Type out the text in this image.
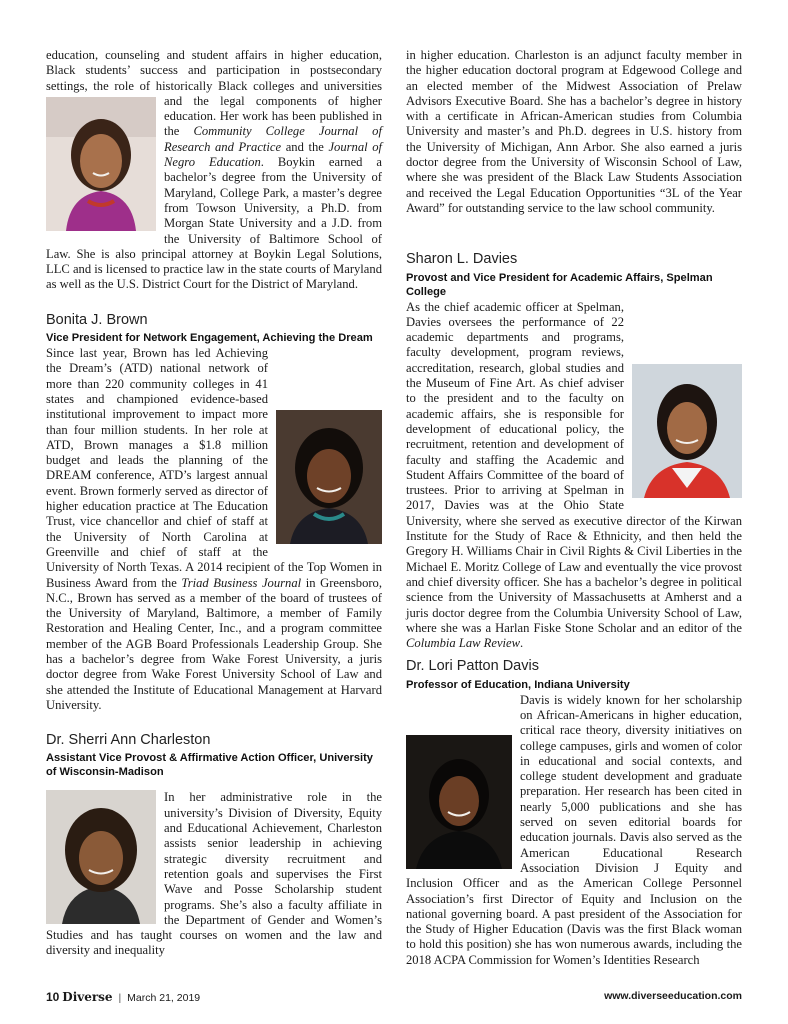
education, counseling and student affairs in higher education, Black students’ success and participation in postsecondary settings, the role of historically Black colleges and universities and the legal components of higher education. Her work has been published in the Community College Journal of Research and Practice and the Journal of Negro Education. Boykin earned a bachelor’s degree from the University of Maryland, College Park, a master’s degree from Towson University, a Ph.D. from Morgan State University and a J.D. from the University of Baltimore School of Law. She is also principal attorney at Boykin Legal Solutions, LLC and is licensed to practice law in the state courts of Maryland as well as the U.S. District Court for the District of Maryland.

Bonita J. Brown
Vice President for Network Engagement, Achieving the Dream

Since last year, Brown has led Achieving the Dream’s (ATD) national network of more than 220 community colleges in 41 states and championed evidence-based institutional improvement to impact more than four million students. In her role at ATD, Brown manages a $1.8 million budget and leads the planning of the DREAM conference, ATD’s largest annual event. Brown formerly served as director of higher education practice at The Education Trust, vice chancellor and chief of staff at the University of North Carolina at Greenville and chief of staff at the University of North Texas. A 2014 recipient of the Top Women in Business Award from the Triad Business Journal in Greensboro, N.C., Brown has served as a member of the board of trustees of the University of Maryland, Baltimore, a member of Family Restoration and Healing Center, Inc., and a program committee member of the AGB Board Professionals Leadership Group. She has a bachelor’s degree from Wake Forest University, a juris doctor degree from Wake Forest University School of Law and she attended the Institute of Educational Management at Harvard University.

Dr. Sherri Ann Charleston
Assistant Vice Provost & Affirmative Action Officer, University of Wisconsin-Madison

In her administrative role in the university’s Division of Diversity, Equity and Educational Achievement, Charleston assists senior leadership in achieving strategic diversity recruitment and retention goals and supervises the First Wave and Posse Scholarship student programs. She’s also a faculty affiliate in the Department of Gender and Women’s Studies and has taught courses on women and the law and diversity and inequality

in higher education. Charleston is an adjunct faculty member in the higher education doctoral program at Edgewood College and an elected member of the Midwest Association of Prelaw Advisors Executive Board. She has a bachelor’s degree in history with a certificate in African-American studies from Columbia University and master’s and Ph.D. degrees in U.S. history from the University of Michigan, Ann Arbor. She also earned a juris doctor degree from the University of Wisconsin School of Law, where she was president of the Black Law Students Association and received the Legal Education Opportunities “3L of the Year Award” for outstanding service to the law school community.

Sharon L. Davies
Provost and Vice President for Academic Affairs, Spelman College

As the chief academic officer at Spelman, Davies oversees the performance of 22 academic departments and programs, faculty development, program reviews, accreditation, research, global studies and the Museum of Fine Art. As chief adviser to the president and to the faculty on academic affairs, she is responsible for development of educational policy, the recruitment, retention and development of faculty and staffing the Academic and Student Affairs Committee of the board of trustees. Prior to arriving at Spelman in 2017, Davies was at the Ohio State University, where she served as executive director of the Kirwan Institute for the Study of Race & Ethnicity, and then held the Gregory H. Williams Chair in Civil Rights & Civil Liberties in the Michael E. Moritz College of Law and eventually the vice provost and chief diversity officer. She has a bachelor’s degree in political science from the University of Massachusetts at Amherst and a juris doctor degree from the Columbia University School of Law, where she was a Harlan Fiske Stone Scholar and an editor of the Columbia Law Review.

Dr. Lori Patton Davis
Professor of Education, Indiana University

Davis is widely known for her scholarship on African-Americans in higher education, critical race theory, diversity initiatives on college campuses, girls and women of color in educational and social contexts, and college student development and graduate preparation. Her research has been cited in nearly 5,000 publications and she has served on seven editorial boards for education journals. Davis also served as the American Educational Research Association Division J Equity and Inclusion Officer and as the American College Personnel Association’s first Director of Equity and Inclusion on the national governing board. A past president of the Association for the Study of Higher Education (Davis was the first Black woman to hold this position) she has won numerous awards, including the 2018 ACPA Commission for Women’s Identities Research

10 Diverse | March 21, 2019	www.diverseeducation.com
